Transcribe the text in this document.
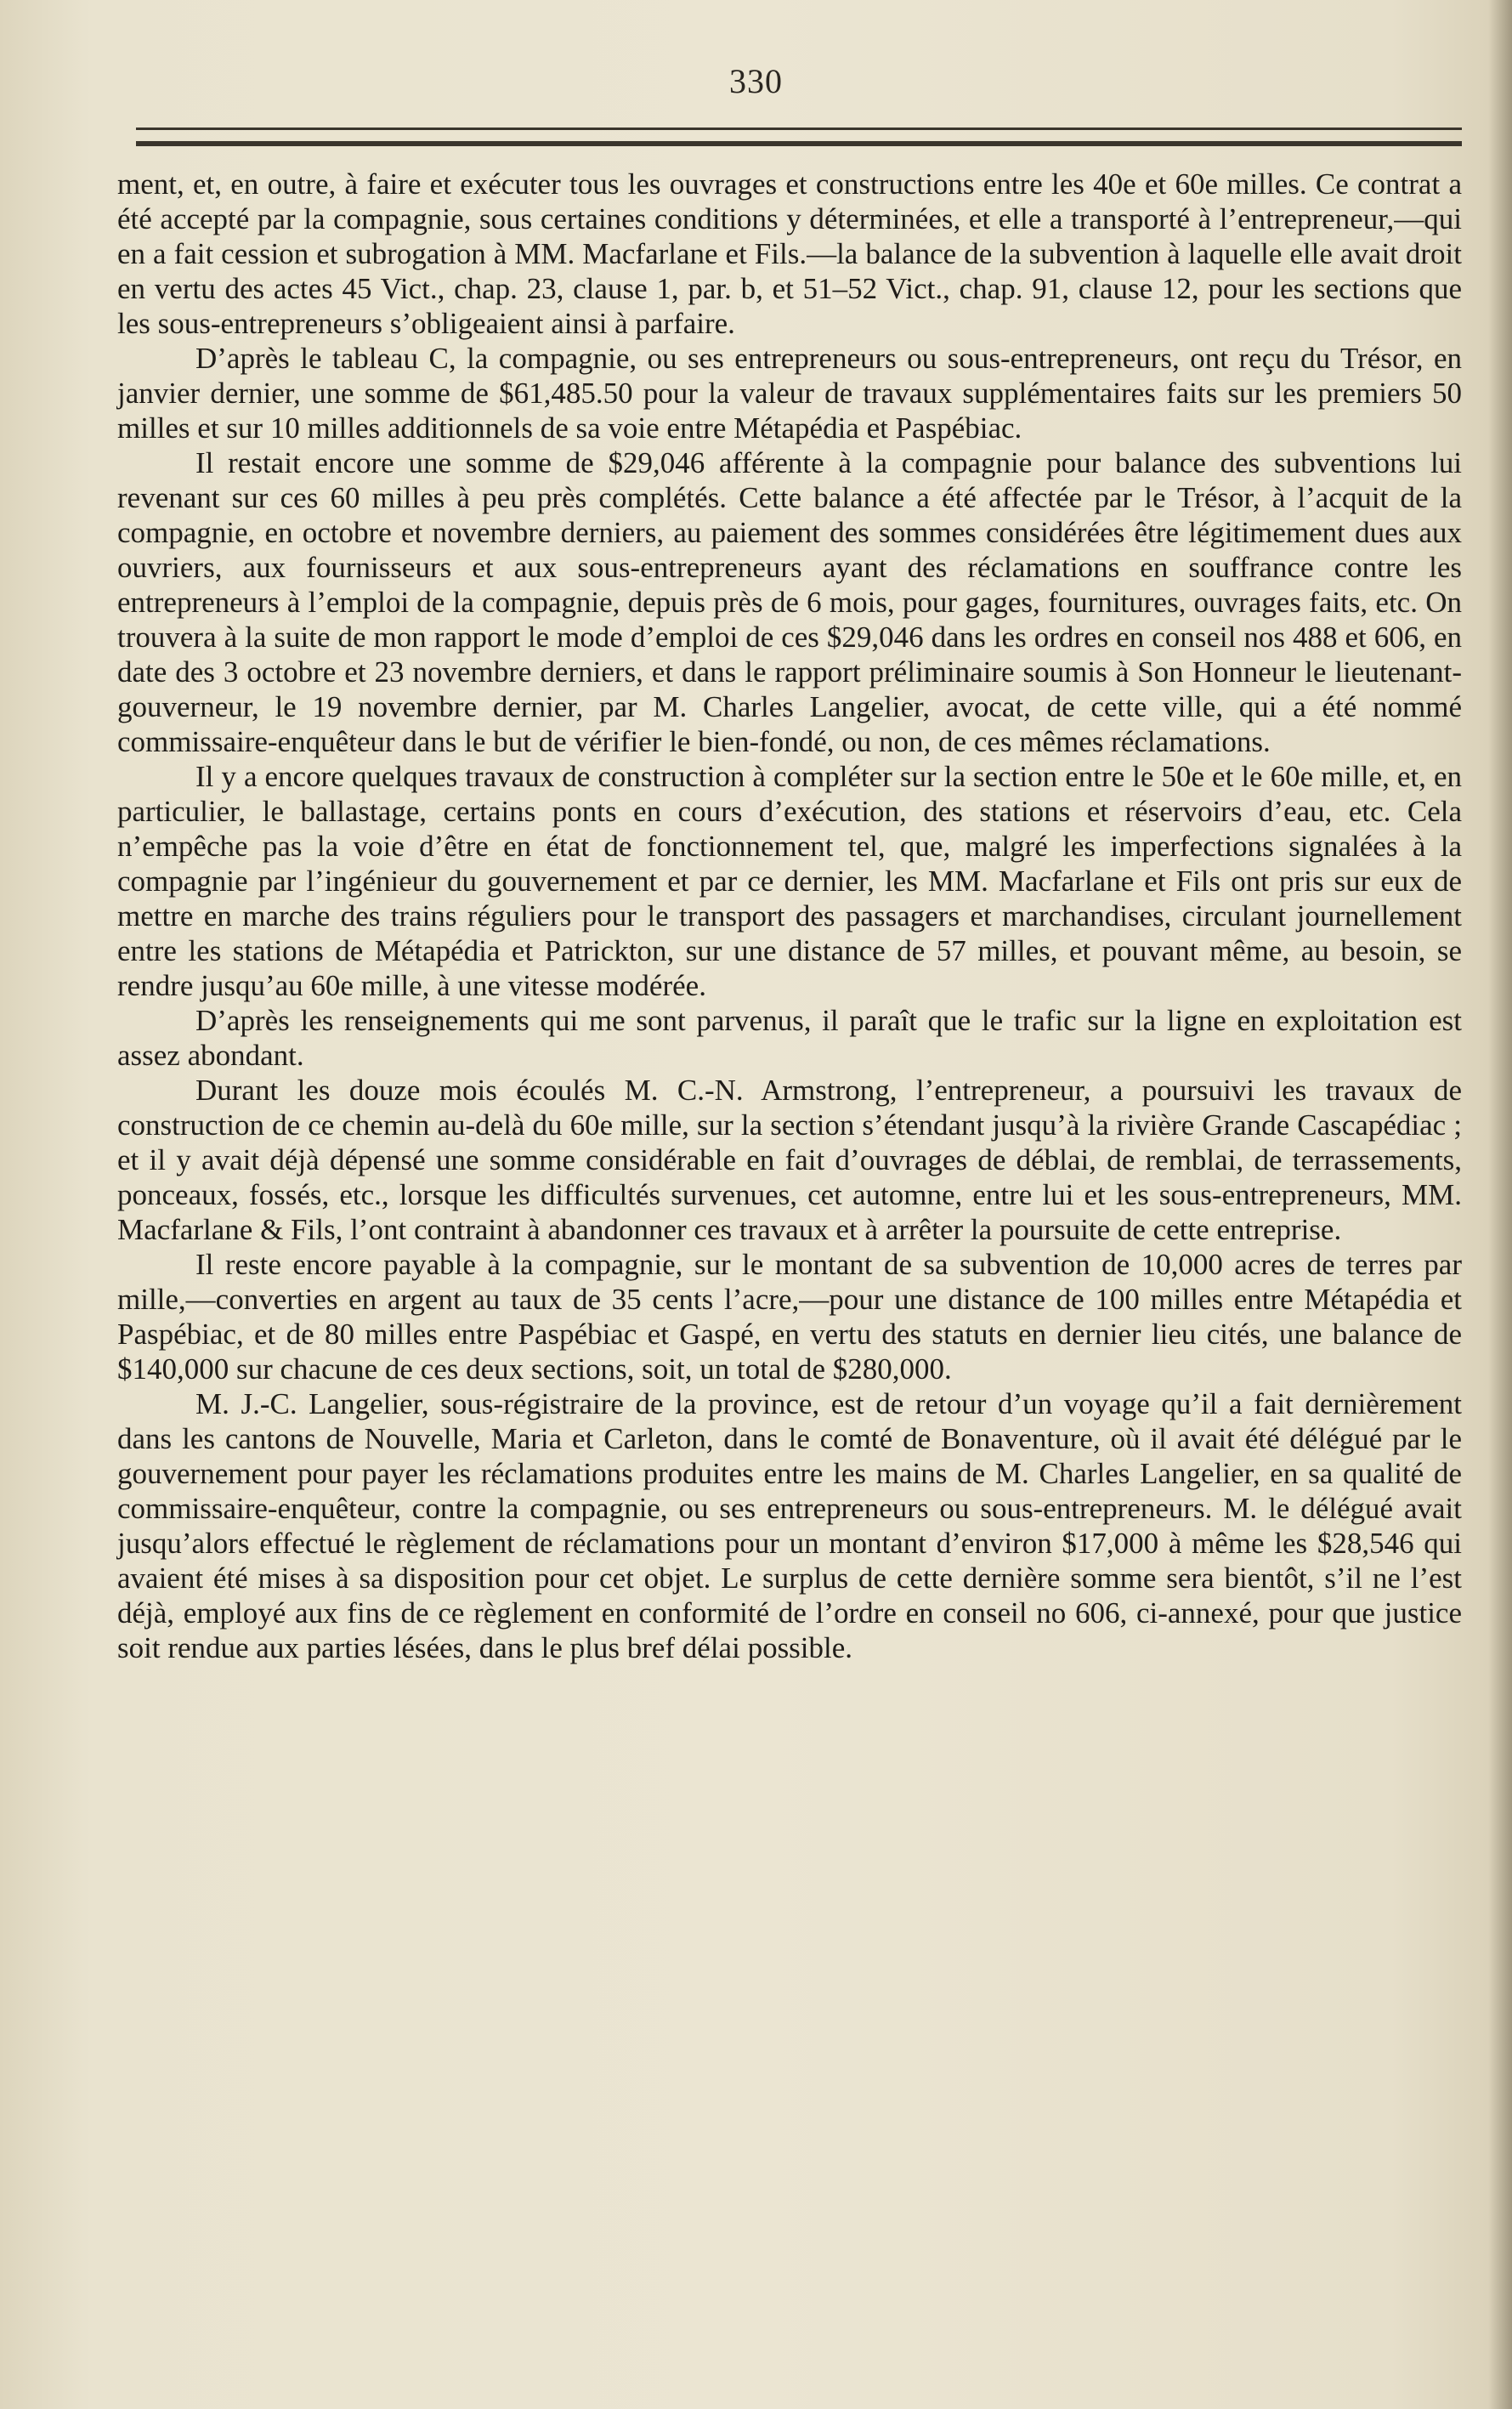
330

ment, et, en outre, à faire et exécuter tous les ouvrages et constructions entre les 40e et 60e milles. Ce contrat a été accepté par la compagnie, sous certaines conditions y déterminées, et elle a transporté à l’entrepreneur,—qui en a fait cession et subrogation à MM. Macfarlane et Fils.—la balance de la subvention à laquelle elle avait droit en vertu des actes 45 Vict., chap. 23, clause 1, par. b, et 51–52 Vict., chap. 91, clause 12, pour les sections que les sous-entrepreneurs s’obligeaient ainsi à parfaire.

D’après le tableau C, la compagnie, ou ses entrepreneurs ou sous-entrepreneurs, ont reçu du Trésor, en janvier dernier, une somme de $61,485.50 pour la valeur de travaux supplémentaires faits sur les premiers 50 milles et sur 10 milles additionnels de sa voie entre Métapédia et Paspébiac.

Il restait encore une somme de $29,046 afférente à la compagnie pour balance des subventions lui revenant sur ces 60 milles à peu près complétés. Cette balance a été affectée par le Trésor, à l’acquit de la compagnie, en octobre et novembre derniers, au paiement des sommes considérées être légitimement dues aux ouvriers, aux fournisseurs et aux sous-entrepreneurs ayant des réclamations en souffrance contre les entrepreneurs à l’emploi de la compagnie, depuis près de 6 mois, pour gages, fournitures, ouvrages faits, etc. On trouvera à la suite de mon rapport le mode d’emploi de ces $29,046 dans les ordres en conseil nos 488 et 606, en date des 3 octobre et 23 novembre derniers, et dans le rapport préliminaire soumis à Son Honneur le lieutenant-gouverneur, le 19 novembre dernier, par M. Charles Langelier, avocat, de cette ville, qui a été nommé commissaire-enquêteur dans le but de vérifier le bien-fondé, ou non, de ces mêmes réclamations.

Il y a encore quelques travaux de construction à compléter sur la section entre le 50e et le 60e mille, et, en particulier, le ballastage, certains ponts en cours d’exécution, des stations et réservoirs d’eau, etc. Cela n’empêche pas la voie d’être en état de fonctionnement tel, que, malgré les imperfections signalées à la compagnie par l’ingénieur du gouvernement et par ce dernier, les MM. Macfarlane et Fils ont pris sur eux de mettre en marche des trains réguliers pour le transport des passagers et marchandises, circulant journellement entre les stations de Métapédia et Patrickton, sur une distance de 57 milles, et pouvant même, au besoin, se rendre jusqu’au 60e mille, à une vitesse modérée.

D’après les renseignements qui me sont parvenus, il paraît que le trafic sur la ligne en exploitation est assez abondant.

Durant les douze mois écoulés M. C.-N. Armstrong, l’entrepreneur, a poursuivi les travaux de construction de ce chemin au-delà du 60e mille, sur la section s’étendant jusqu’à la rivière Grande Cascapédiac ; et il y avait déjà dépensé une somme considérable en fait d’ouvrages de déblai, de remblai, de terrassements, ponceaux, fossés, etc., lorsque les difficultés survenues, cet automne, entre lui et les sous-entrepreneurs, MM. Macfarlane & Fils, l’ont contraint à abandonner ces travaux et à arrêter la poursuite de cette entreprise.

Il reste encore payable à la compagnie, sur le montant de sa subvention de 10,000 acres de terres par mille,—converties en argent au taux de 35 cents l’acre,—pour une distance de 100 milles entre Métapédia et Paspébiac, et de 80 milles entre Paspébiac et Gaspé, en vertu des statuts en dernier lieu cités, une balance de $140,000 sur chacune de ces deux sections, soit, un total de $280,000.

M. J.-C. Langelier, sous-régistraire de la province, est de retour d’un voyage qu’il a fait dernièrement dans les cantons de Nouvelle, Maria et Carleton, dans le comté de Bonaventure, où il avait été délégué par le gouvernement pour payer les réclamations produites entre les mains de M. Charles Langelier, en sa qualité de commissaire-enquêteur, contre la compagnie, ou ses entrepreneurs ou sous-entrepreneurs. M. le délégué avait jusqu’alors effectué le règlement de réclamations pour un montant d’environ $17,000 à même les $28,546 qui avaient été mises à sa disposition pour cet objet. Le surplus de cette dernière somme sera bientôt, s’il ne l’est déjà, employé aux fins de ce règlement en conformité de l’ordre en conseil no 606, ci-annexé, pour que justice soit rendue aux parties lésées, dans le plus bref délai possible.
